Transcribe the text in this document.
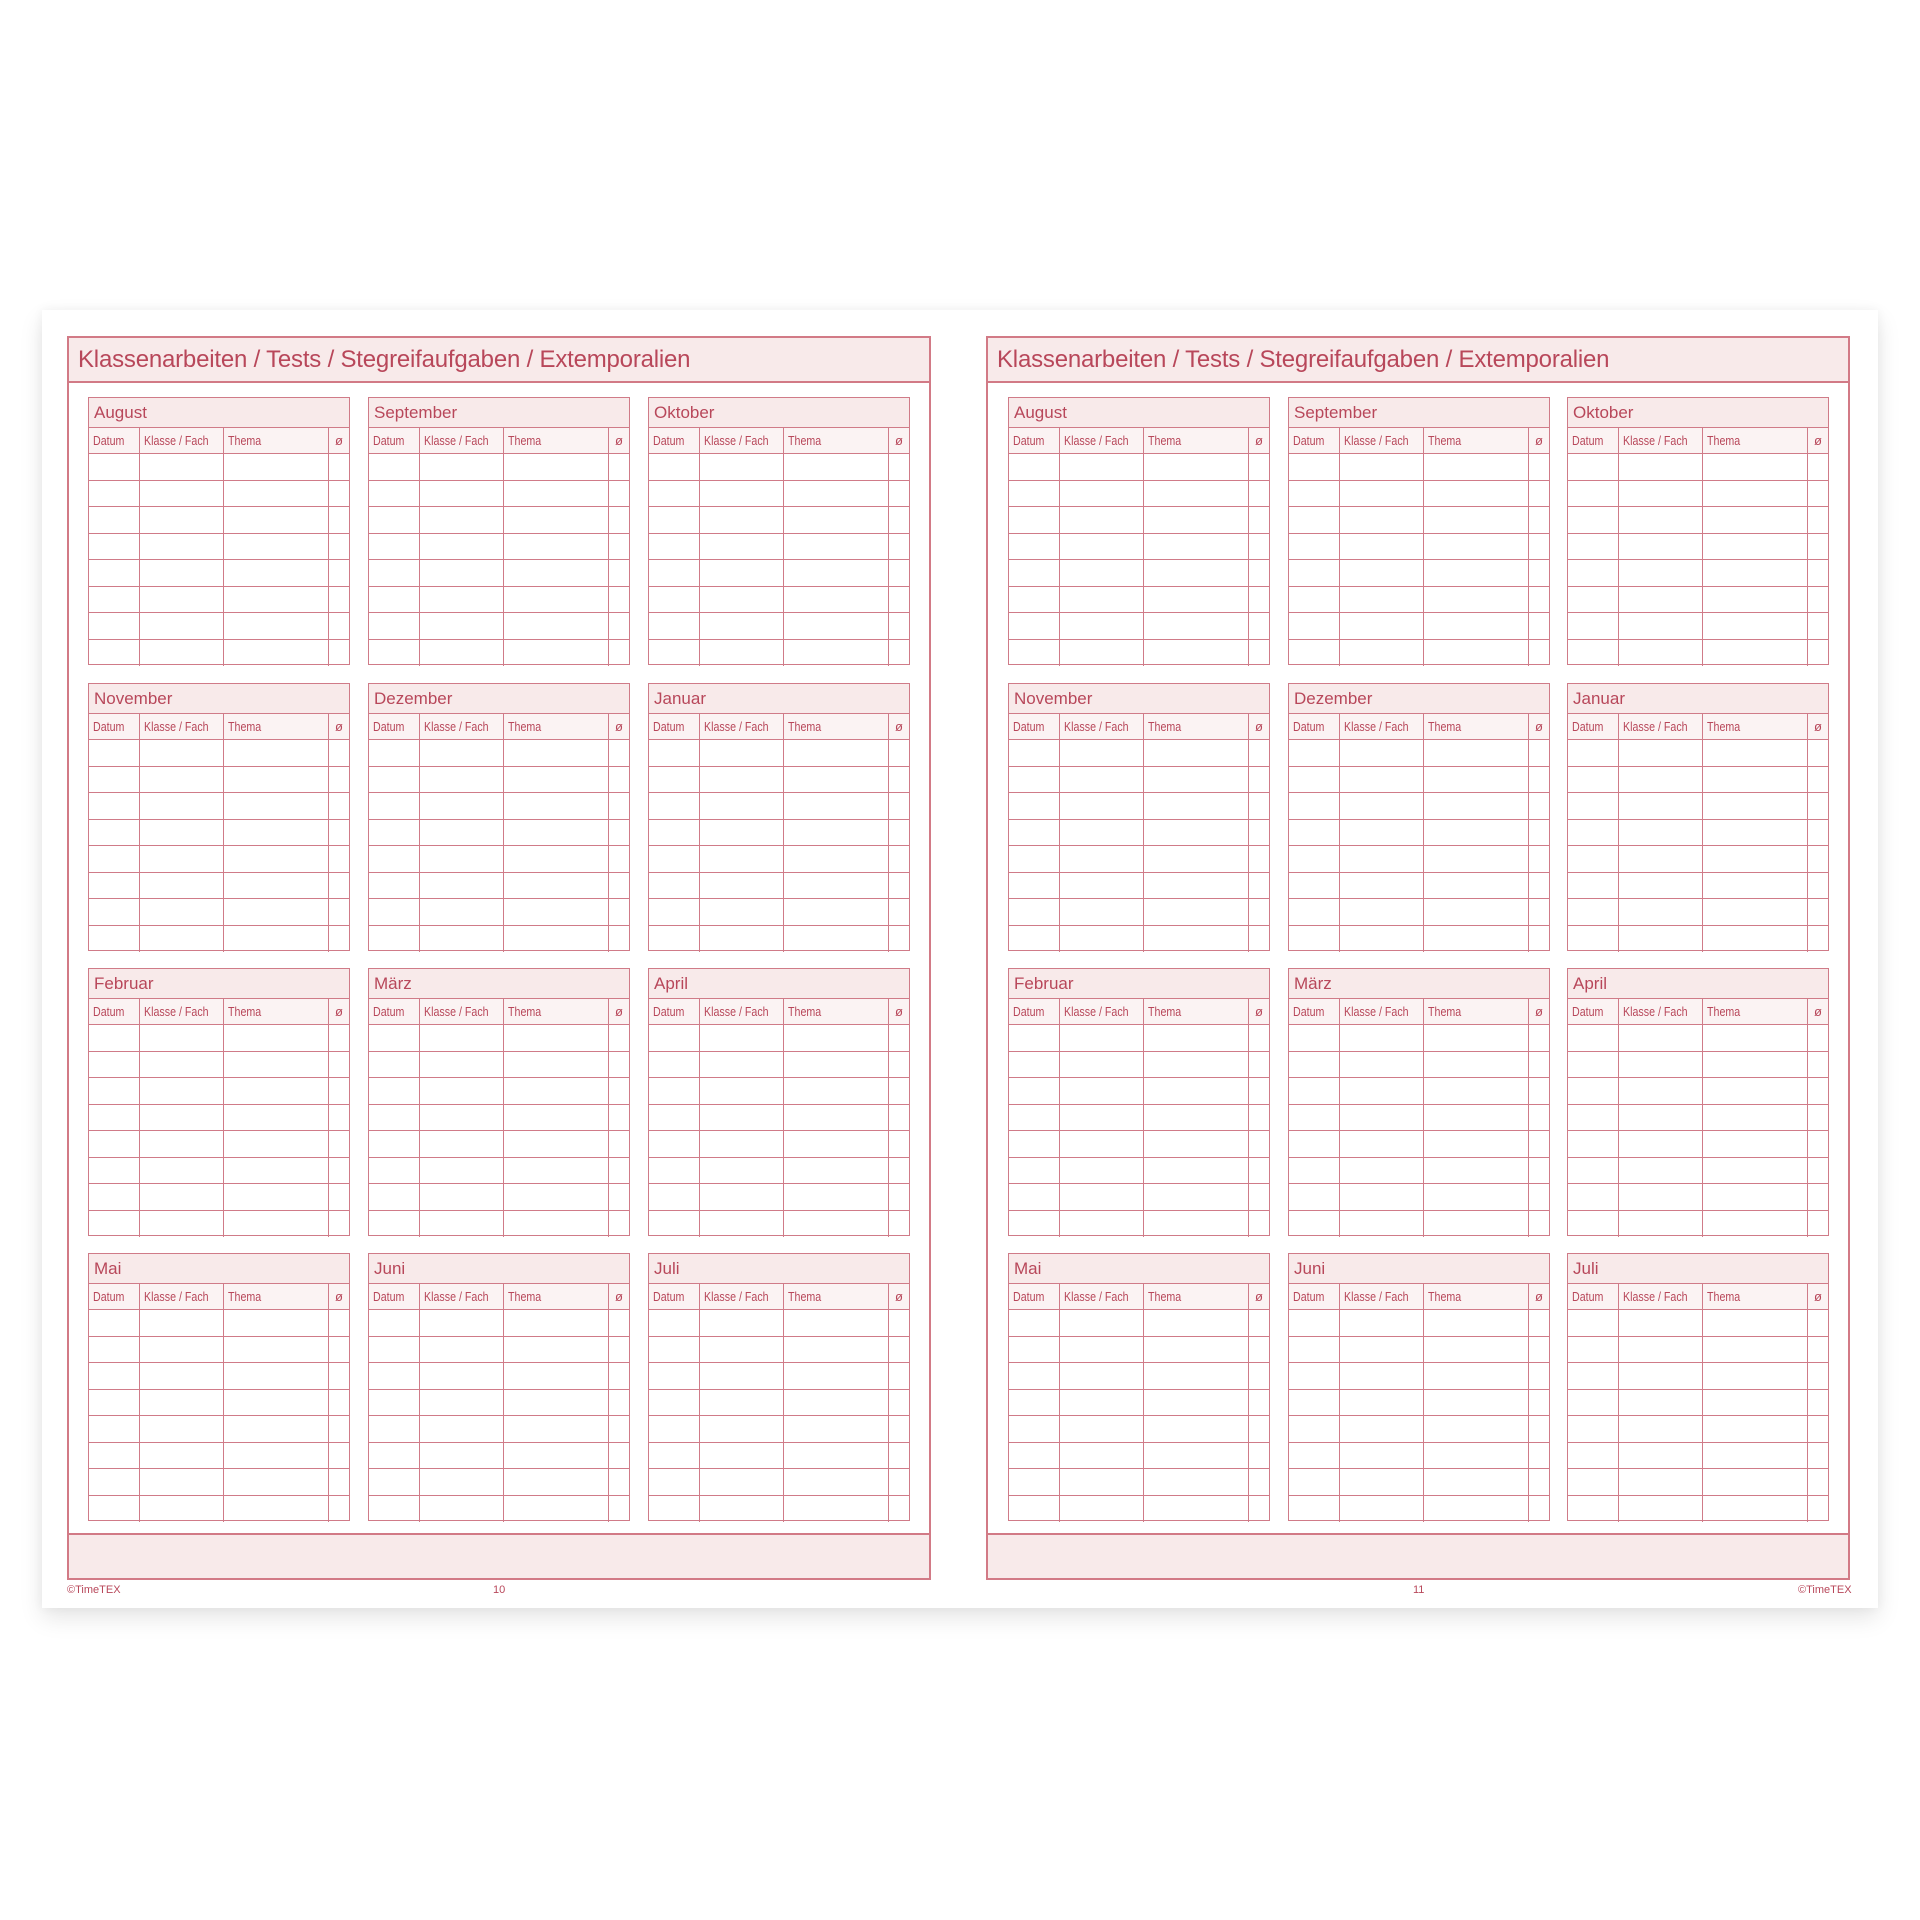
Klassenarbeiten / Tests / Stegreifaufgaben / Extemporalien	Klassenarbeiten / Tests / Stegreifaufgaben / Extemporalien
August
Datum	Klasse / Fach	Thema	ø
September
Datum	Klasse / Fach	Thema	ø
Oktober
Datum	Klasse / Fach	Thema	ø
November
Datum	Klasse / Fach	Thema	ø
Dezember
Datum	Klasse / Fach	Thema	ø
Januar
Datum	Klasse / Fach	Thema	ø
Februar
Datum	Klasse / Fach	Thema	ø
März
Datum	Klasse / Fach	Thema	ø
April
Datum	Klasse / Fach	Thema	ø
Mai
Datum	Klasse / Fach	Thema	ø
Juni
Datum	Klasse / Fach	Thema	ø
Juli
Datum	Klasse / Fach	Thema	ø
August
Datum	Klasse / Fach	Thema	ø
September
Datum	Klasse / Fach	Thema	ø
Oktober
Datum	Klasse / Fach	Thema	ø
November
Datum	Klasse / Fach	Thema	ø
Dezember
Datum	Klasse / Fach	Thema	ø
Januar
Datum	Klasse / Fach	Thema	ø
Februar
Datum	Klasse / Fach	Thema	ø
März
Datum	Klasse / Fach	Thema	ø
April
Datum	Klasse / Fach	Thema	ø
Mai
Datum	Klasse / Fach	Thema	ø
Juni
Datum	Klasse / Fach	Thema	ø
Juli
Datum	Klasse / Fach	Thema	ø
©TimeTEX	10	11	©TimeTEX
